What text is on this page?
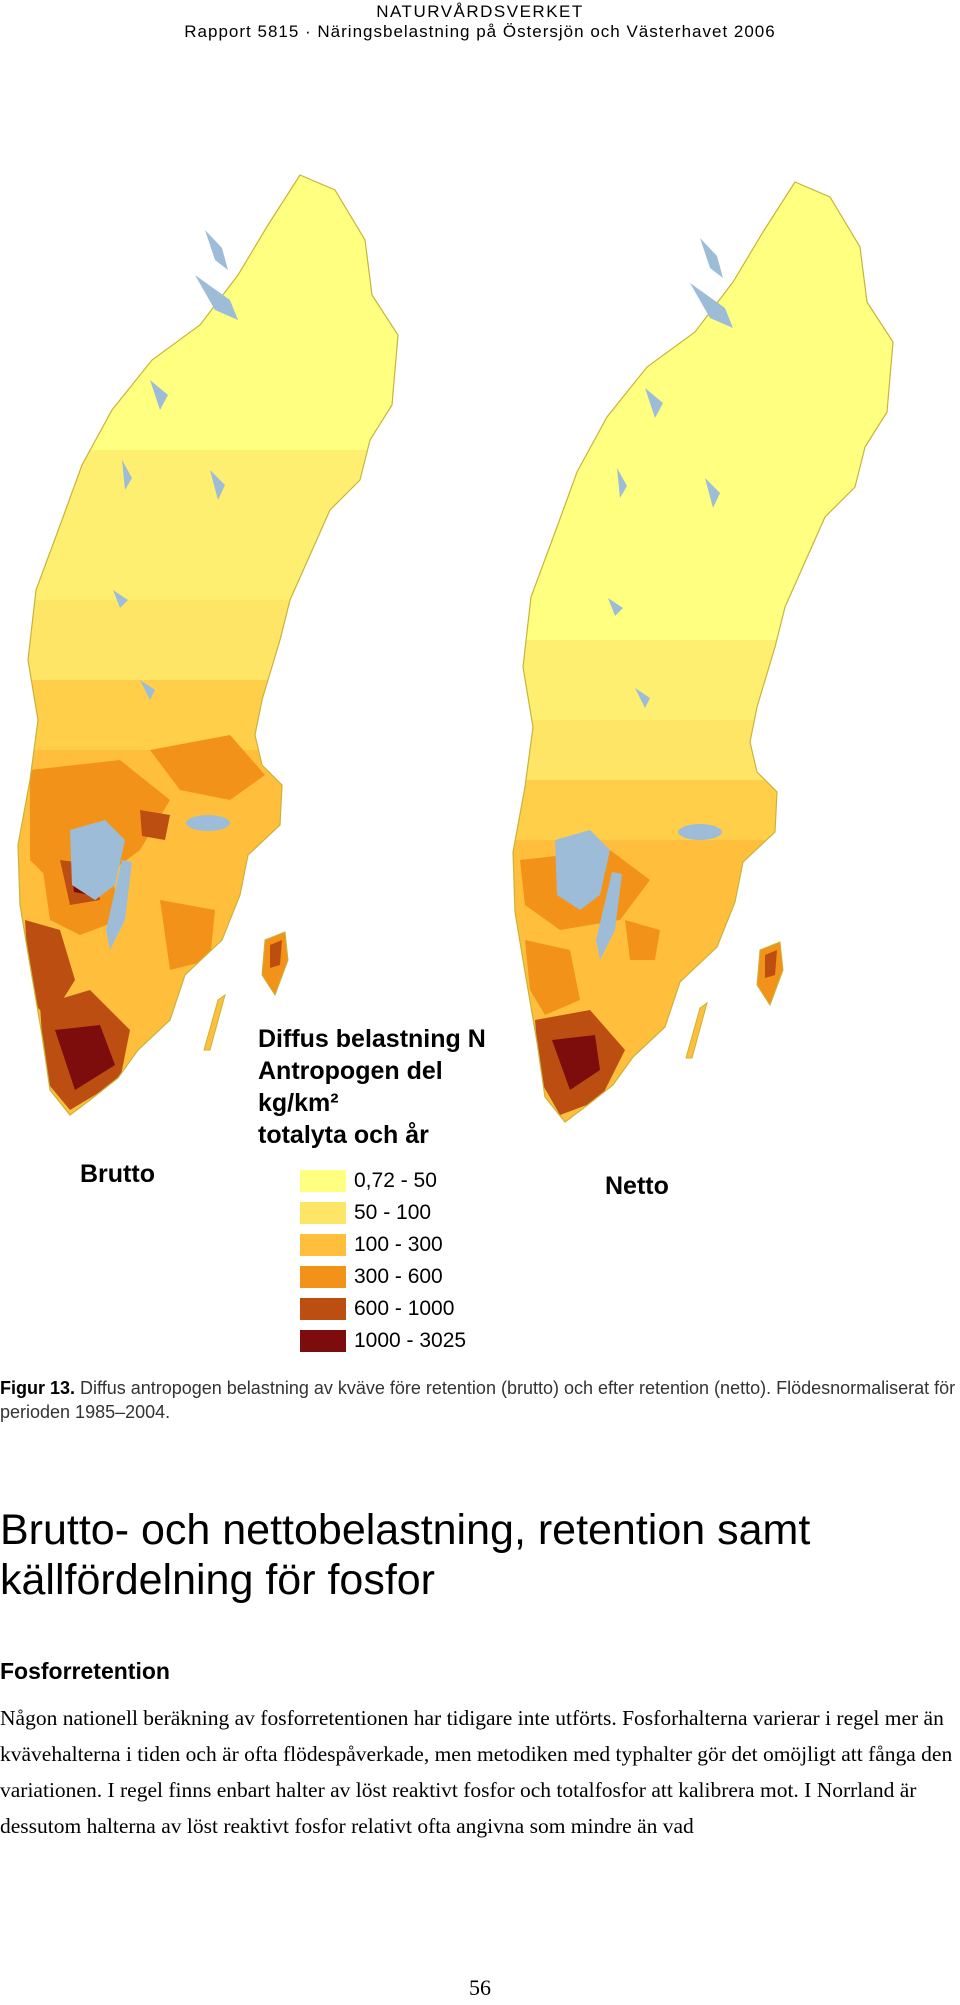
NATURVÅRDSVERKET
Rapport 5815 · Näringsbelastning på Östersjön och Västerhavet 2006
Brutto	Netto
Diffus belastning N
Antropogen del
kg/km²
totalyta och år
0,72 - 50
50 - 100
100 - 300
300 - 600
600 - 1000
1000 - 3025
Figur 13. Diffus antropogen belastning av kväve före retention (brutto) och efter retention (netto). Flödesnormaliserat för perioden 1985–2004.
Brutto- och nettobelastning, retention samt källfördelning för fosfor
Fosforretention
Någon nationell beräkning av fosforretentionen har tidigare inte utförts. Fosforhalterna varierar i regel mer än kvävehalterna i tiden och är ofta flödespåverkade, men metodiken med typhalter gör det omöjligt att fånga den variationen. I regel finns enbart halter av löst reaktivt fosfor och totalfosfor att kalibrera mot. I Norrland är dessutom halterna av löst reaktivt fosfor relativt ofta angivna som mindre än vad
56
